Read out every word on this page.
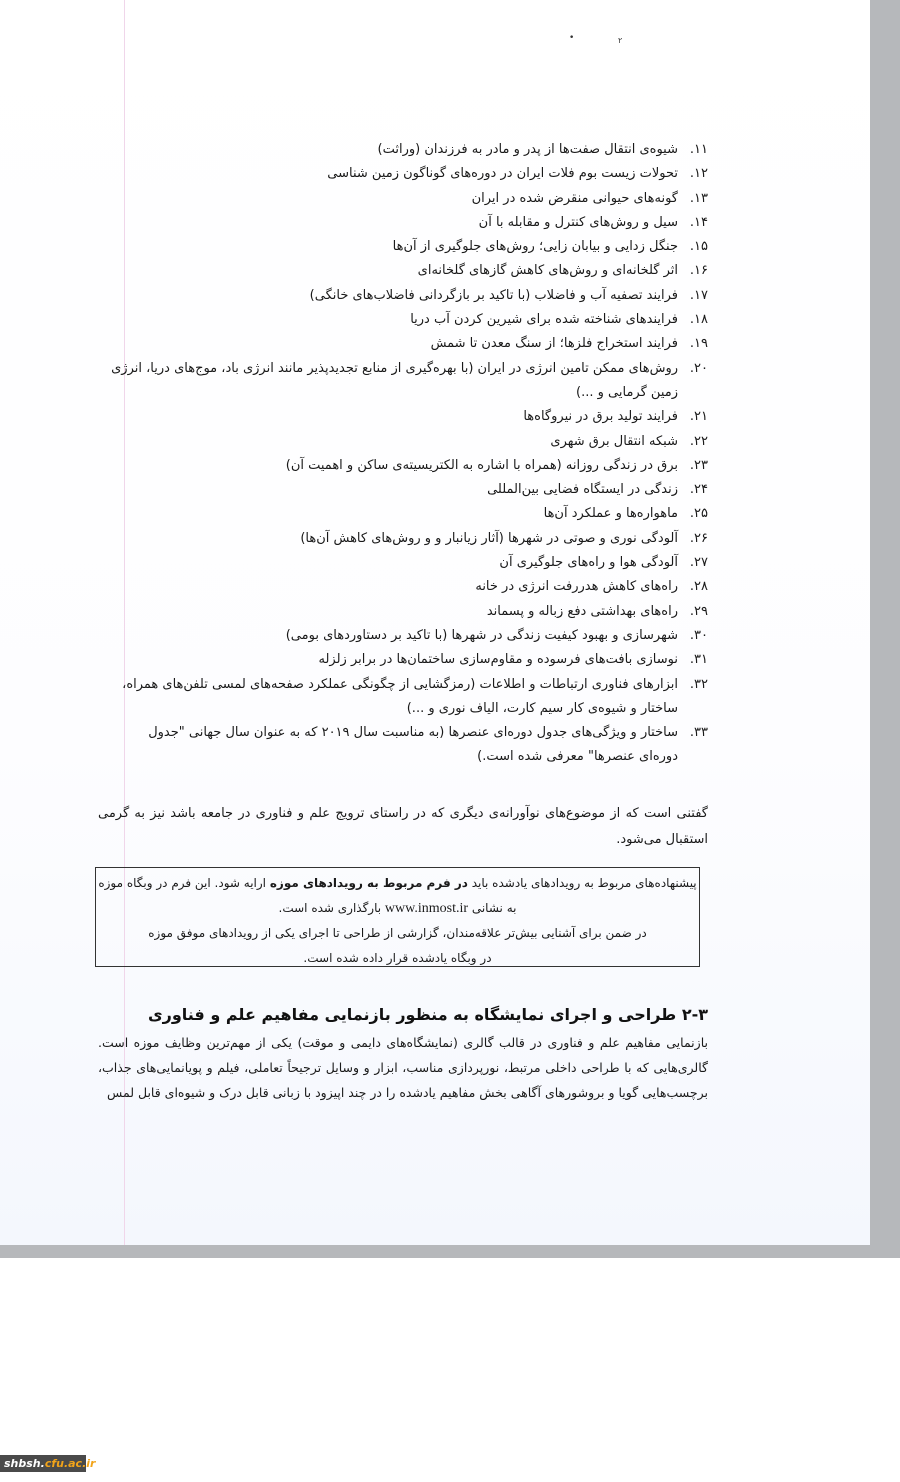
•	٢
۱۱.
شیوه‌ی انتقال صفت‌ها از پدر و مادر به فرزندان (وراثت)
۱۲.
تحولات زیست بوم فلات ایران در دوره‌های گوناگون زمین شناسی
۱۳.
گونه‌های حیوانی منقرض شده در ایران
۱۴.
سیل و روش‌های کنترل و مقابله با آن
۱۵.
جنگل زدایی و بیابان زایی؛ روش‌های جلوگیری از آن‌ها
۱۶.
اثر گلخانه‌ای و روش‌های کاهش گازهای گلخانه‌ای
۱۷.
فرایند تصفیه آب و فاضلاب (با تاکید بر بازگردانی فاضلاب‌های خانگی)
۱۸.
فرایندهای شناخته شده برای شیرین کردن آب دریا
۱۹.
فرایند استخراج فلزها؛ از سنگ معدن تا شمش
۲۰.
روش‌های ممکن تامین انرژی در ایران (با بهره‌گیری از منابع تجدیدپذیر مانند انرژی باد، موج‌های دریا، انرژی زمین گرمایی و ...)
۲۱.
فرایند تولید برق در نیروگاه‌ها
۲۲.
شبکه انتقال برق شهری
۲۳.
برق در زندگی روزانه (همراه با اشاره به الکتریسیته‌ی ساکن و اهمیت آن)
۲۴.
زندگی در ایستگاه فضایی بین‌المللی
۲۵.
ماهواره‌ها و عملکرد آن‌ها
۲۶.
آلودگی نوری و صوتی در شهرها (آثار زیانبار و و روش‌های کاهش آن‌ها)
۲۷.
آلودگی هوا و راه‌های جلوگیری آن
۲۸.
راه‌های کاهش هدررفت انرژی در خانه
۲۹.
راه‌های بهداشتی دفع زباله و پسماند
۳۰.
شهرسازی و بهبود کیفیت زندگی در شهرها (با تاکید بر دستاوردهای بومی)
۳۱.
نوسازی بافت‌های فرسوده و مقاوم‌سازی ساختمان‌ها در برابر زلزله
۳۲.
ابزارهای فناوری ارتباطات و اطلاعات (رمزگشایی از چگونگی عملکرد صفحه‌های لمسی تلفن‌های همراه، ساختار و شیوه‌ی کار سیم کارت، الیاف نوری و ...)
۳۳.
ساختار و ویژگی‌های جدول دوره‌ای عنصرها (به مناسبت سال ۲۰۱۹ که به عنوان سال جهانی "جدول دوره‌ای عنصرها" معرفی شده است.)
گفتنی است که از موضوع‌های نوآورانه‌ی دیگری که در راستای ترویج علم و فناوری در جامعه باشد نیز به گرمی استقبال می‌شود.
پیشنهاده‌های مربوط به رویدادهای یادشده باید در فرم مربوط به رویدادهای موزه ارایه شود. این فرم در وبگاه موزه
به نشانی www.inmost.ir بارگذاری شده است.
در ضمن برای آشنایی بیش‌تر علاقه‌مندان، گزارشی از طراحی تا اجرای یکی از رویدادهای موفق موزه
در وبگاه یادشده قرار داده شده است.
۲-۳ طراحی و اجرای نمایشگاه به منظور بازنمایی مفاهیم علم و فناوری
بازنمایی مفاهیم علم و فناوری در قالب گالری (نمایشگاه‌های دایمی و موقت) یکی از مهم‌ترین وظایف موزه است. گالری‌هایی که با طراحی داخلی مرتبط، نورپردازی مناسب، ابزار و وسایل ترجیحاً تعاملی، فیلم و پویانمایی‌های جذاب، برچسب‌هایی گویا و بروشورهای آگاهی بخش مفاهیم یادشده را در چند اپیزود با زبانی قابل درک و شیوه‌ای قابل لمس
shbsh.cfu.ac.ir
